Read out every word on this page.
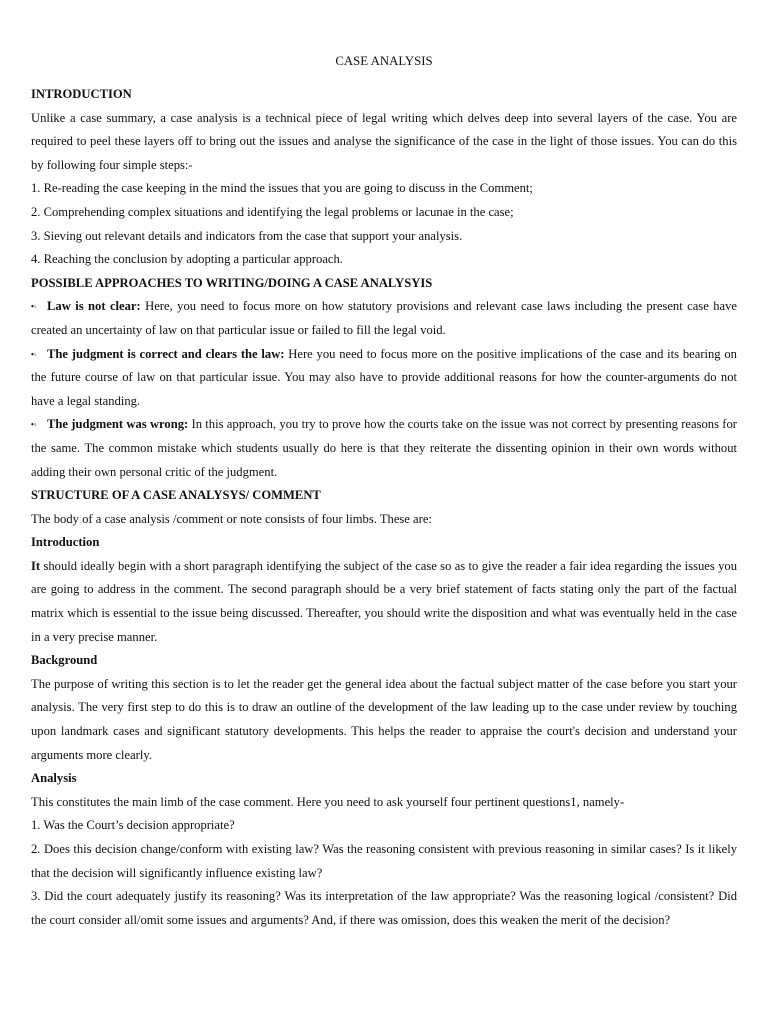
CASE ANALYSIS

INTRODUCTION

Unlike a case summary, a case analysis is a technical piece of legal writing which delves deep into several layers of the case. You are required to peel these layers off to bring out the issues and analyse the significance of the case in the light of those issues. You can do this by following four simple steps:-

1. Re-reading the case keeping in the mind the issues that you are going to discuss in the Comment;

2. Comprehending complex situations and identifying the legal problems or lacunae in the case;

3. Sieving out relevant details and indicators from the case that support your analysis.

4. Reaching the conclusion by adopting a particular approach.

POSSIBLE APPROACHES TO WRITING/DOING A CASE ANALYSYIS

•◦ Law is not clear: Here, you need to focus more on how statutory provisions and relevant case laws including the present case have created an uncertainty of law on that particular issue or failed to fill the legal void.

•◦ The judgment is correct and clears the law: Here you need to focus more on the positive implications of the case and its bearing on the future course of law on that particular issue. You may also have to provide additional reasons for how the counter-arguments do not have a legal standing.

•◦ The judgment was wrong: In this approach, you try to prove how the courts take on the issue was not correct by presenting reasons for the same. The common mistake which students usually do here is that they reiterate the dissenting opinion in their own words without adding their own personal critic of the judgment.

STRUCTURE OF A CASE ANALYSYS/ COMMENT

The body of a case analysis /comment or note consists of four limbs. These are:

Introduction

It should ideally begin with a short paragraph identifying the subject of the case so as to give the reader a fair idea regarding the issues you are going to address in the comment. The second paragraph should be a very brief statement of facts stating only the part of the factual matrix which is essential to the issue being discussed. Thereafter, you should write the disposition and what was eventually held in the case in a very precise manner.

Background

The purpose of writing this section is to let the reader get the general idea about the factual subject matter of the case before you start your analysis. The very first step to do this is to draw an outline of the development of the law leading up to the case under review by touching upon landmark cases and significant statutory developments. This helps the reader to appraise the court's decision and understand your arguments more clearly.

Analysis

This constitutes the main limb of the case comment. Here you need to ask yourself four pertinent questions1, namely-

1. Was the Court’s decision appropriate?

2. Does this decision change/conform with existing law? Was the reasoning consistent with previous reasoning in similar cases? Is it likely that the decision will significantly influence existing law?

3. Did the court adequately justify its reasoning? Was its interpretation of the law appropriate? Was the reasoning logical /consistent? Did the court consider all/omit some issues and arguments? And, if there was omission, does this weaken the merit of the decision?
